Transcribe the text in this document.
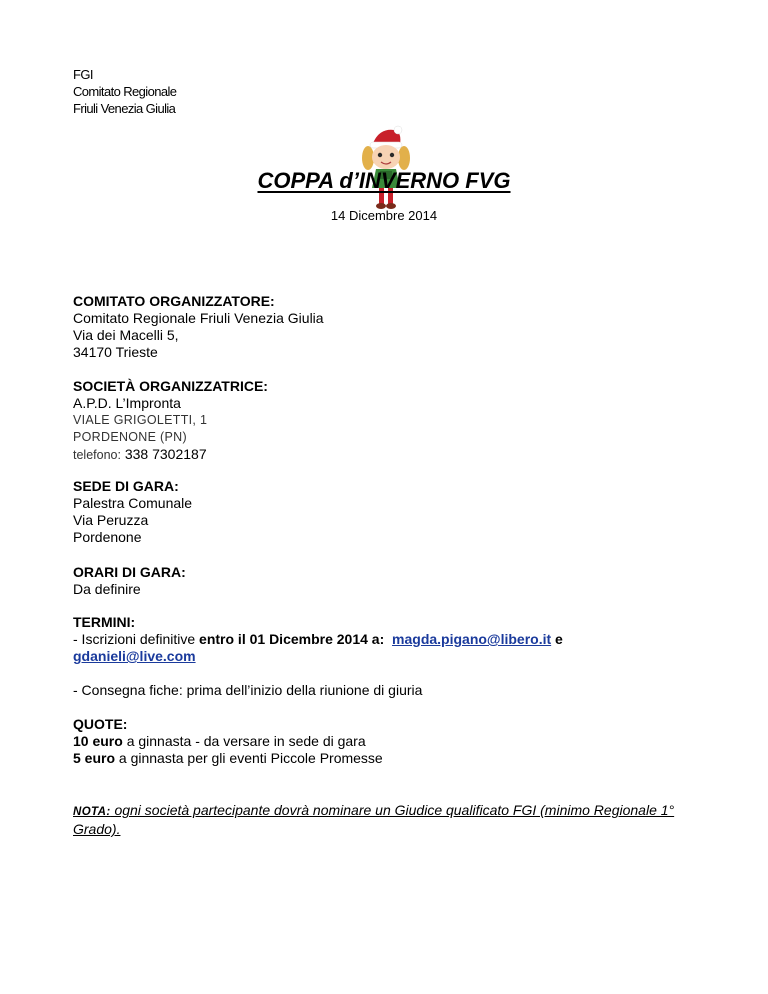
FGI
Comitato Regionale
Friuli Venezia Giulia
COPPA d’INVERNO FVG
14 Dicembre 2014
COMITATO ORGANIZZATORE:
Comitato Regionale Friuli Venezia Giulia
Via dei Macelli 5,
34170 Trieste
SOCIETÀ ORGANIZZATRICE:
A.P.D. L’Impronta
VIALE GRIGOLETTI, 1
PORDENONE (PN)
telefono: 338 7302187
SEDE DI GARA:
Palestra Comunale
Via Peruzza
Pordenone
ORARI DI GARA:
Da definire
TERMINI:
- Iscrizioni definitive entro il 01 Dicembre 2014 a: magda.pigano@libero.it e
gdanieli@live.com
- Consegna fiche: prima dell’inizio della riunione di giuria
QUOTE:
10 euro a ginnasta - da versare in sede di gara
5 euro a ginnasta per gli eventi Piccole Promesse
NOTA: ogni società partecipante dovrà nominare un Giudice qualificato FGI (minimo Regionale 1° Grado).
